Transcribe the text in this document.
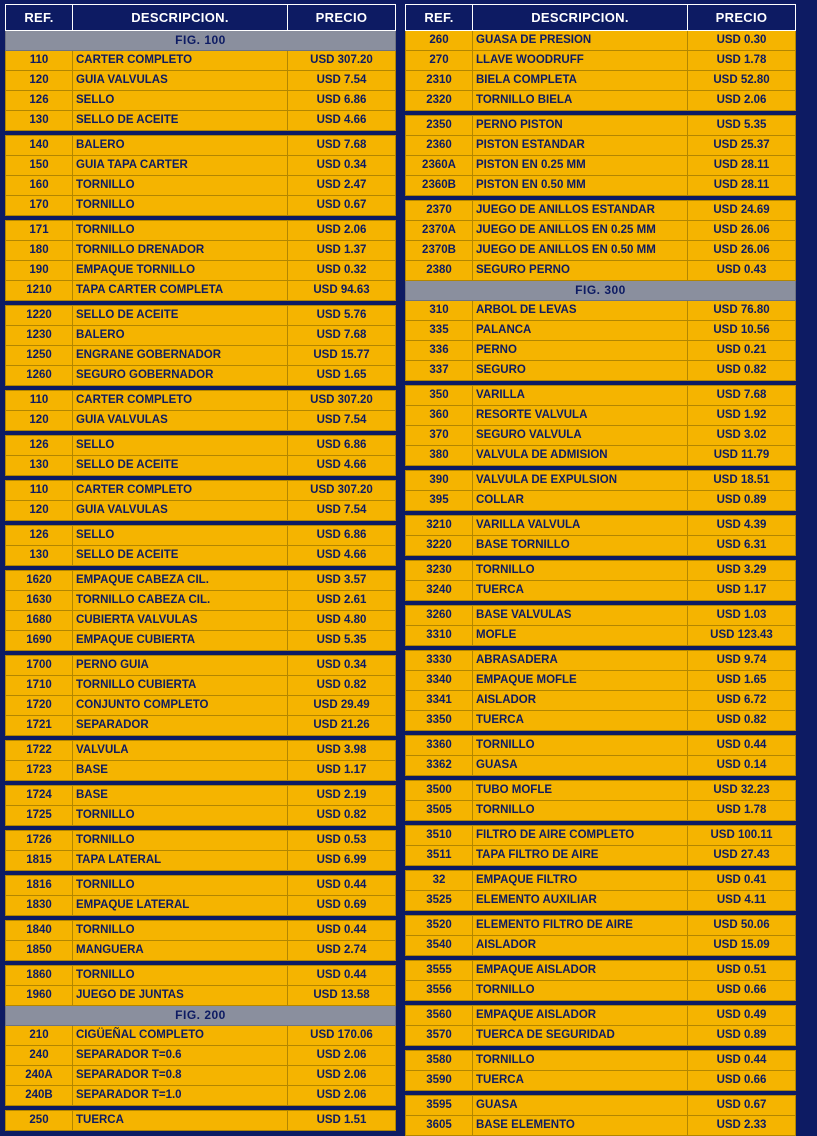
REF.	DESCRIPCION.	PRECIO
FIG. 100		
110	CARTER COMPLETO	USD 307.20
120	GUIA VALVULAS	USD 7.54
126	SELLO	USD 6.86
130	SELLO DE ACEITE	USD 4.66

140	BALERO	USD 7.68
150	GUIA TAPA CARTER	USD 0.34
160	TORNILLO	USD 2.47
170	TORNILLO	USD 0.67

171	TORNILLO	USD 2.06
180	TORNILLO DRENADOR	USD 1.37
190	EMPAQUE TORNILLO	USD 0.32
1210	TAPA CARTER COMPLETA	USD 94.63

1220	SELLO DE ACEITE	USD 5.76
1230	BALERO	USD 7.68
1250	ENGRANE GOBERNADOR	USD 15.77
1260	SEGURO GOBERNADOR	USD 1.65

110	CARTER COMPLETO	USD 307.20
120	GUIA VALVULAS	USD 7.54

126	SELLO	USD 6.86
130	SELLO DE ACEITE	USD 4.66

110	CARTER COMPLETO	USD 307.20
120	GUIA VALVULAS	USD 7.54

126	SELLO	USD 6.86
130	SELLO DE ACEITE	USD 4.66

1620	EMPAQUE CABEZA CIL.	USD 3.57
1630	TORNILLO CABEZA CIL.	USD 2.61
1680	CUBIERTA VALVULAS	USD 4.80
1690	EMPAQUE CUBIERTA	USD 5.35

1700	PERNO GUIA	USD 0.34
1710	TORNILLO CUBIERTA	USD 0.82
1720	CONJUNTO COMPLETO	USD 29.49
1721	SEPARADOR	USD 21.26

1722	VALVULA	USD 3.98
1723	BASE	USD 1.17

1724	BASE	USD 2.19
1725	TORNILLO	USD 0.82

1726	TORNILLO	USD 0.53
1815	TAPA LATERAL	USD 6.99

1816	TORNILLO	USD 0.44
1830	EMPAQUE LATERAL	USD 0.69

1840	TORNILLO	USD 0.44
1850	MANGUERA	USD 2.74

1860	TORNILLO	USD 0.44
1960	JUEGO DE JUNTAS	USD 13.58
FIG. 200		
210	CIGÜEÑAL COMPLETO	USD 170.06
240	SEPARADOR T=0.6	USD 2.06
240A	SEPARADOR T=0.8	USD 2.06
240B	SEPARADOR T=1.0	USD 2.06

250	TUERCA	USD 1.51
REF.	DESCRIPCION.	PRECIO
260	GUASA DE PRESION	USD 0.30
270	LLAVE WOODRUFF	USD 1.78
2310	BIELA COMPLETA	USD 52.80
2320	TORNILLO BIELA	USD 2.06

2350	PERNO PISTON	USD 5.35
2360	PISTON ESTANDAR	USD 25.37
2360A	PISTON EN 0.25 MM	USD 28.11
2360B	PISTON EN 0.50 MM	USD 28.11

2370	JUEGO DE ANILLOS ESTANDAR	USD 24.69
2370A	JUEGO DE ANILLOS EN 0.25 MM	USD 26.06
2370B	JUEGO DE ANILLOS EN 0.50 MM	USD 26.06
2380	SEGURO PERNO	USD 0.43
FIG. 300		
310	ARBOL DE LEVAS	USD 76.80
335	PALANCA	USD 10.56
336	PERNO	USD 0.21
337	SEGURO	USD 0.82

350	VARILLA	USD 7.68
360	RESORTE VALVULA	USD 1.92
370	SEGURO VALVULA	USD 3.02
380	VALVULA DE ADMISION	USD 11.79

390	VALVULA DE EXPULSION	USD 18.51
395	COLLAR	USD 0.89

3210	VARILLA VALVULA	USD 4.39
3220	BASE TORNILLO	USD 6.31

3230	TORNILLO	USD 3.29
3240	TUERCA	USD 1.17

3260	BASE VALVULAS	USD 1.03
3310	MOFLE	USD 123.43

3330	ABRASADERA	USD 9.74
3340	EMPAQUE MOFLE	USD 1.65
3341	AISLADOR	USD 6.72
3350	TUERCA	USD 0.82

3360	TORNILLO	USD 0.44
3362	GUASA	USD 0.14

3500	TUBO MOFLE	USD 32.23
3505	TORNILLO	USD 1.78

3510	FILTRO DE AIRE COMPLETO	USD 100.11
3511	TAPA FILTRO DE AIRE	USD 27.43

32	EMPAQUE FILTRO	USD 0.41
3525	ELEMENTO AUXILIAR	USD 4.11

3520	ELEMENTO FILTRO DE AIRE	USD 50.06
3540	AISLADOR	USD 15.09

3555	EMPAQUE AISLADOR	USD 0.51
3556	TORNILLO	USD 0.66

3560	EMPAQUE AISLADOR	USD 0.49
3570	TUERCA DE SEGURIDAD	USD 0.89

3580	TORNILLO	USD 0.44
3590	TUERCA	USD 0.66

3595	GUASA	USD 0.67
3605	BASE ELEMENTO	USD 2.33
